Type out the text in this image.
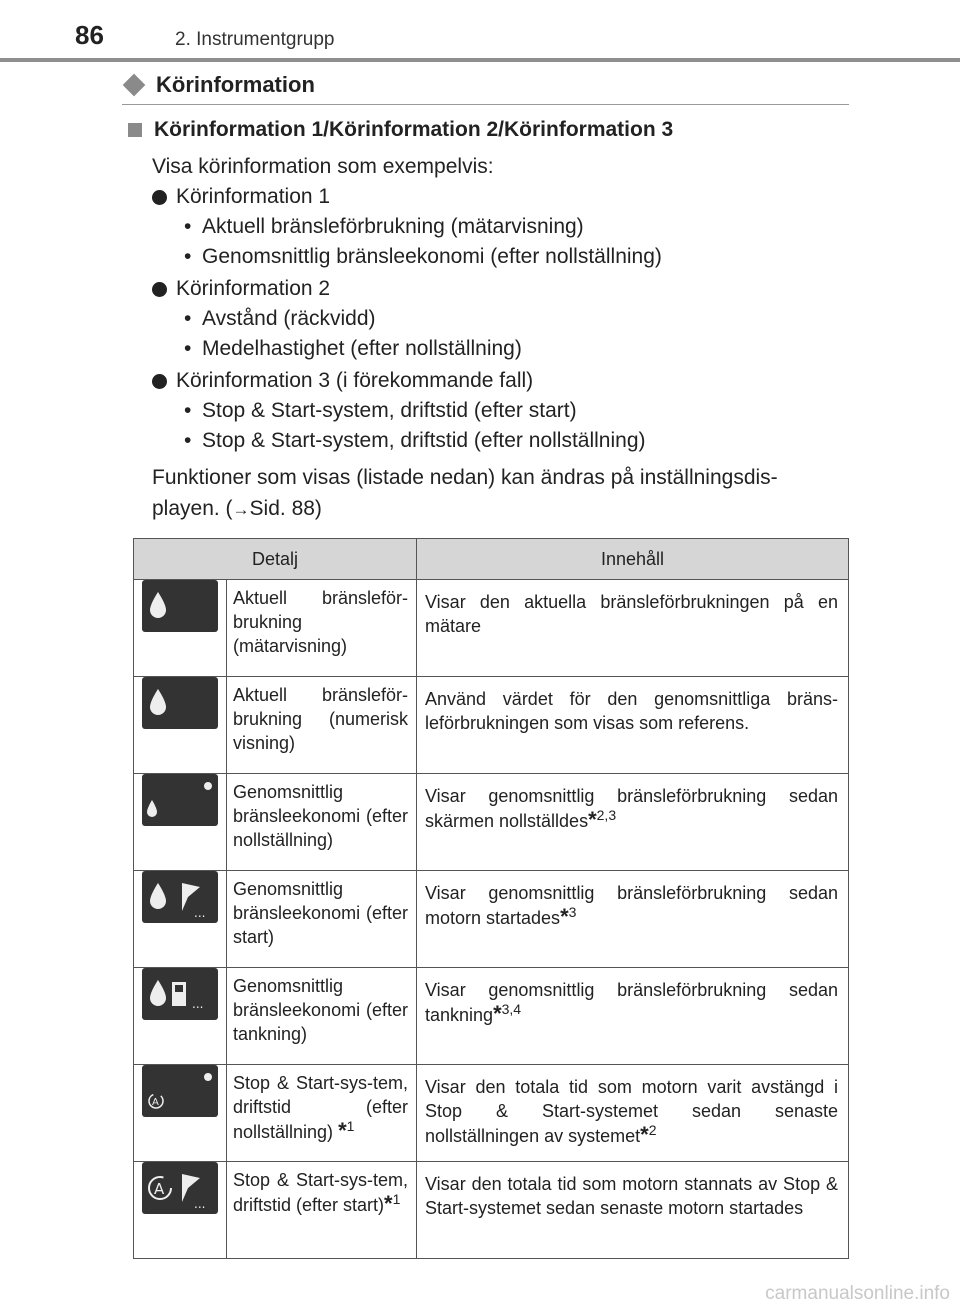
86	2. Instrumentgrupp
Körinformation
Körinformation 1/Körinformation 2/Körinformation 3
Visa körinformation som exempelvis:
Körinformation 1
• Aktuell bränsleförbrukning (mätarvisning)
• Genomsnittlig bränsleekonomi (efter nollställning)
Körinformation 2
• Avstånd (räckvidd)
• Medelhastighet (efter nollställning)
Körinformation 3 (i förekommande fall)
• Stop & Start-system, driftstid (efter start)
• Stop & Start-system, driftstid (efter nollställning)
Funktioner som visas (listade nedan) kan ändras på inställningsdis-
playen. (→Sid. 88)
Detalj		Innehåll
	Aktuell bränsleför-brukning (mätarvisning)	Visar den aktuella bränsleförbrukningen på en mätare
	Aktuell bränsleför-brukning (numerisk visning)	Använd värdet för den genomsnittliga bräns-leförbrukningen som visas som referens.
	Genomsnittlig bränsleekonomi (efter nollställning)	Visar genomsnittlig bränsleförbrukning sedan skärmen nollställdes*$^{2,3}$

...	Genomsnittlig bränsleekonomi (efter start)	Visar genomsnittlig bränsleförbrukning sedan motorn startades*$^3$

...	Genomsnittlig bränsleekonomi (efter tankning)	Visar genomsnittlig bränsleförbrukning sedan tankning*$^{3,4}$

A	Stop & Start-sys-tem, driftstid (efter nollställning) *$^1$	Visar den totala tid som motorn varit avstängd i Stop & Start-systemet sedan senaste nollställningen av systemet*$^2$

A
...	Stop & Start-sys-tem, driftstid (efter start)*$^1$	Visar den totala tid som motorn stannats av Stop & Start-systemet sedan senaste motorn startades
carmanualsonline.info
